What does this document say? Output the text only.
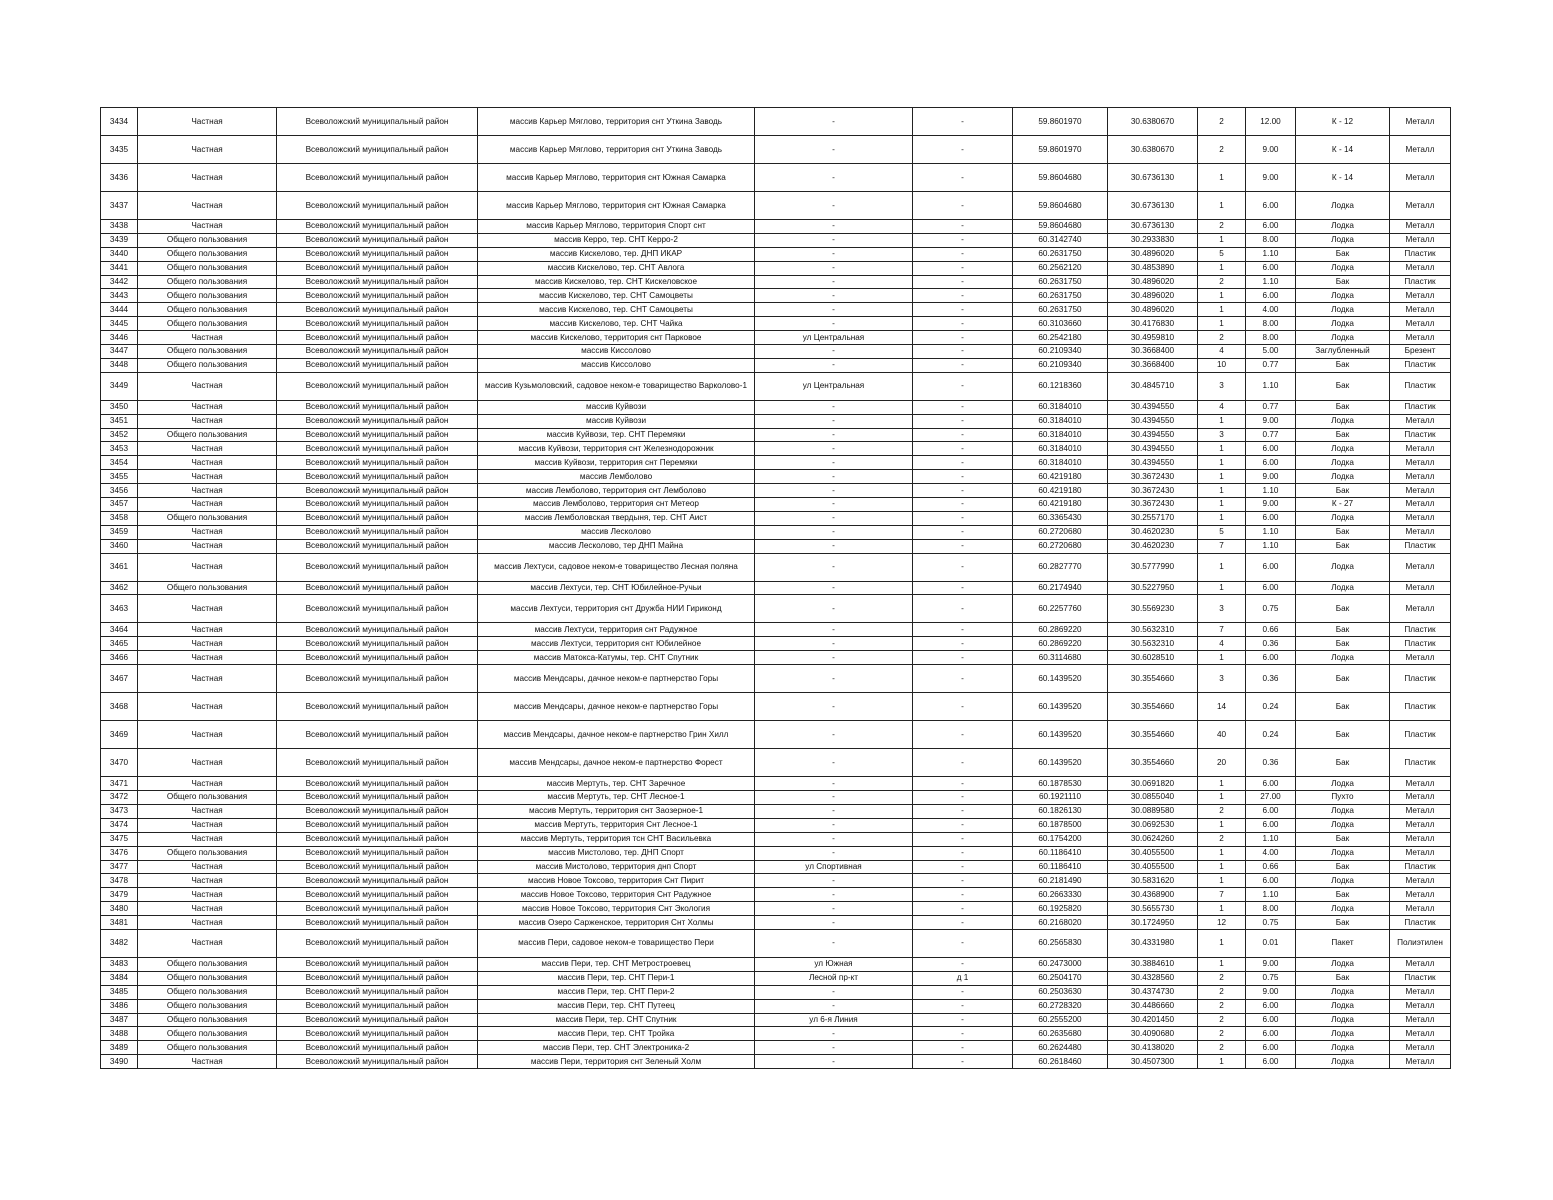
3434	Частная	Всеволожский муниципальный район	массив Карьер Мяглово, территория снт Уткина Заводь	-	-	59.8601970	30.6380670	2	12.00	К - 12	Металл
3435	Частная	Всеволожский муниципальный район	массив Карьер Мяглово, территория снт Уткина Заводь	-	-	59.8601970	30.6380670	2	9.00	К - 14	Металл
3436	Частная	Всеволожский муниципальный район	массив Карьер Мяглово, территория снт Южная Самарка	-	-	59.8604680	30.6736130	1	9.00	К - 14	Металл
3437	Частная	Всеволожский муниципальный район	массив Карьер Мяглово, территория снт Южная Самарка	-	-	59.8604680	30.6736130	1	6.00	Лодка	Металл
3438	Частная	Всеволожский муниципальный район	массив Карьер Мяглово, территория Спорт снт	-	-	59.8604680	30.6736130	2	6.00	Лодка	Металл
3439	Общего пользования	Всеволожский муниципальный район	массив Керро, тер. СНТ Керро-2	-	-	60.3142740	30.2933830	1	8.00	Лодка	Металл
3440	Общего пользования	Всеволожский муниципальный район	массив Кискелово, тер. ДНП ИКАР	-	-	60.2631750	30.4896020	5	1.10	Бак	Пластик
3441	Общего пользования	Всеволожский муниципальный район	массив Кискелово, тер. СНТ Авлога	-	-	60.2562120	30.4853890	1	6.00	Лодка	Металл
3442	Общего пользования	Всеволожский муниципальный район	массив Кискелово, тер. СНТ Кискеловское	-	-	60.2631750	30.4896020	2	1.10	Бак	Пластик
3443	Общего пользования	Всеволожский муниципальный район	массив Кискелово, тер. СНТ Самоцветы	-	-	60.2631750	30.4896020	1	6.00	Лодка	Металл
3444	Общего пользования	Всеволожский муниципальный район	массив Кискелово, тер. СНТ Самоцветы	-	-	60.2631750	30.4896020	1	4.00	Лодка	Металл
3445	Общего пользования	Всеволожский муниципальный район	массив Кискелово, тер. СНТ Чайка	-	-	60.3103660	30.4176830	1	8.00	Лодка	Металл
3446	Частная	Всеволожский муниципальный район	массив Кискелово, территория снт Парковое	ул Центральная	-	60.2542180	30.4959810	2	8.00	Лодка	Металл
3447	Общего пользования	Всеволожский муниципальный район	массив Киссолово	-	-	60.2109340	30.3668400	4	5.00	Заглубленный	Брезент
3448	Общего пользования	Всеволожский муниципальный район	массив Киссолово	-	-	60.2109340	30.3668400	10	0.77	Бак	Пластик
3449	Частная	Всеволожский муниципальный район	массив Кузьмоловский, садовое неком-е товарищество Варколово-1	ул Центральная	-	60.1218360	30.4845710	3	1.10	Бак	Пластик
3450	Частная	Всеволожский муниципальный район	массив Куйвози	-	-	60.3184010	30.4394550	4	0.77	Бак	Пластик
3451	Частная	Всеволожский муниципальный район	массив Куйвози	-	-	60.3184010	30.4394550	1	9.00	Лодка	Металл
3452	Общего пользования	Всеволожский муниципальный район	массив Куйвози, тер. СНТ Перемяки	-	-	60.3184010	30.4394550	3	0.77	Бак	Пластик
3453	Частная	Всеволожский муниципальный район	массив Куйвози, территория снт Железнодорожник	-	-	60.3184010	30.4394550	1	6.00	Лодка	Металл
3454	Частная	Всеволожский муниципальный район	массив Куйвози, территория снт Перемяки	-	-	60.3184010	30.4394550	1	6.00	Лодка	Металл
3455	Частная	Всеволожский муниципальный район	массив Лемболово	-	-	60.4219180	30.3672430	1	9.00	Лодка	Металл
3456	Частная	Всеволожский муниципальный район	массив Лемболово, территория снт Лемболово	-	-	60.4219180	30.3672430	1	1.10	Бак	Металл
3457	Частная	Всеволожский муниципальный район	массив Лемболово, территория снт Метеор	-	-	60.4219180	30.3672430	1	9.00	К - 27	Металл
3458	Общего пользования	Всеволожский муниципальный район	массив Лемболовская твердыня, тер. СНТ Аист	-	-	60.3365430	30.2557170	1	6.00	Лодка	Металл
3459	Частная	Всеволожский муниципальный район	массив Лесколово	-	-	60.2720680	30.4620230	5	1.10	Бак	Металл
3460	Частная	Всеволожский муниципальный район	массив Лесколово, тер ДНП Майна	-	-	60.2720680	30.4620230	7	1.10	Бак	Пластик
3461	Частная	Всеволожский муниципальный район	массив Лехтуси, садовое неком-е товарищество Лесная поляна	-	-	60.2827770	30.5777990	1	6.00	Лодка	Металл
3462	Общего пользования	Всеволожский муниципальный район	массив Лехтуси, тер. СНТ Юбилейное-Ручьи	-	-	60.2174940	30.5227950	1	6.00	Лодка	Металл
3463	Частная	Всеволожский муниципальный район	массив Лехтуси, территория снт Дружба НИИ Гириконд	-	-	60.2257760	30.5569230	3	0.75	Бак	Металл
3464	Частная	Всеволожский муниципальный район	массив Лехтуси, территория снт Радужное	-	-	60.2869220	30.5632310	7	0.66	Бак	Пластик
3465	Частная	Всеволожский муниципальный район	массив Лехтуси, территория снт Юбилейное	-	-	60.2869220	30.5632310	4	0.36	Бак	Пластик
3466	Частная	Всеволожский муниципальный район	массив Матокса-Катумы, тер. СНТ Спутник	-	-	60.3114680	30.6028510	1	6.00	Лодка	Металл
3467	Частная	Всеволожский муниципальный район	массив Мендсары, дачное неком-е партнерство Горы	-	-	60.1439520	30.3554660	3	0.36	Бак	Пластик
3468	Частная	Всеволожский муниципальный район	массив Мендсары, дачное неком-е партнерство Горы	-	-	60.1439520	30.3554660	14	0.24	Бак	Пластик
3469	Частная	Всеволожский муниципальный район	массив Мендсары, дачное неком-е партнерство Грин Хилл	-	-	60.1439520	30.3554660	40	0.24	Бак	Пластик
3470	Частная	Всеволожский муниципальный район	массив Мендсары, дачное неком-е партнерство Форест	-	-	60.1439520	30.3554660	20	0.36	Бак	Пластик
3471	Частная	Всеволожский муниципальный район	массив Мертуть, тер. СНТ Заречное	-	-	60.1878530	30.0691820	1	6.00	Лодка	Металл
3472	Общего пользования	Всеволожский муниципальный район	массив Мертуть, тер. СНТ Лесное-1	-	-	60.1921110	30.0855040	1	27.00	Пухто	Металл
3473	Частная	Всеволожский муниципальный район	массив Мертуть, территория снт Заозерное-1	-	-	60.1826130	30.0889580	2	6.00	Лодка	Металл
3474	Частная	Всеволожский муниципальный район	массив Мертуть, территория Снт Лесное-1	-	-	60.1878500	30.0692530	1	6.00	Лодка	Металл
3475	Частная	Всеволожский муниципальный район	массив Мертуть, территория тсн СНТ Васильевка	-	-	60.1754200	30.0624260	2	1.10	Бак	Металл
3476	Общего пользования	Всеволожский муниципальный район	массив Мистолово, тер. ДНП Спорт	-	-	60.1186410	30.4055500	1	4.00	Лодка	Металл
3477	Частная	Всеволожский муниципальный район	массив Мистолово, территория днп Спорт	ул Спортивная	-	60.1186410	30.4055500	1	0.66	Бак	Пластик
3478	Частная	Всеволожский муниципальный район	массив Новое Токсово, территория Снт Пирит	-	-	60.2181490	30.5831620	1	6.00	Лодка	Металл
3479	Частная	Всеволожский муниципальный район	массив Новое Токсово, территория Снт Радужное	-	-	60.2663330	30.4368900	7	1.10	Бак	Металл
3480	Частная	Всеволожский муниципальный район	массив Новое Токсово, территория Снт Экология	-	-	60.1925820	30.5655730	1	8.00	Лодка	Металл
3481	Частная	Всеволожский муниципальный район	массив Озеро Сарженское, территория Снт Холмы	-	-	60.2168020	30.1724950	12	0.75	Бак	Пластик
3482	Частная	Всеволожский муниципальный район	массив Пери, садовое неком-е товарищество Пери	-	-	60.2565830	30.4331980	1	0.01	Пакет	Полиэтилен
3483	Общего пользования	Всеволожский муниципальный район	массив Пери, тер. СНТ Метростроевец	ул Южная	-	60.2473000	30.3884610	1	9.00	Лодка	Металл
3484	Общего пользования	Всеволожский муниципальный район	массив Пери, тер. СНТ Пери-1	Лесной пр-кт	д 1	60.2504170	30.4328560	2	0.75	Бак	Пластик
3485	Общего пользования	Всеволожский муниципальный район	массив Пери, тер. СНТ Пери-2	-	-	60.2503630	30.4374730	2	9.00	Лодка	Металл
3486	Общего пользования	Всеволожский муниципальный район	массив Пери, тер. СНТ Путеец	-	-	60.2728320	30.4486660	2	6.00	Лодка	Металл
3487	Общего пользования	Всеволожский муниципальный район	массив Пери, тер. СНТ Спутник	ул 6-я Линия	-	60.2555200	30.4201450	2	6.00	Лодка	Металл
3488	Общего пользования	Всеволожский муниципальный район	массив Пери, тер. СНТ Тройка	-	-	60.2635680	30.4090680	2	6.00	Лодка	Металл
3489	Общего пользования	Всеволожский муниципальный район	массив Пери, тер. СНТ Электроника-2	-	-	60.2624480	30.4138020	2	6.00	Лодка	Металл
3490	Частная	Всеволожский муниципальный район	массив Пери, территория снт Зеленый Холм	-	-	60.2618460	30.4507300	1	6.00	Лодка	Металл
